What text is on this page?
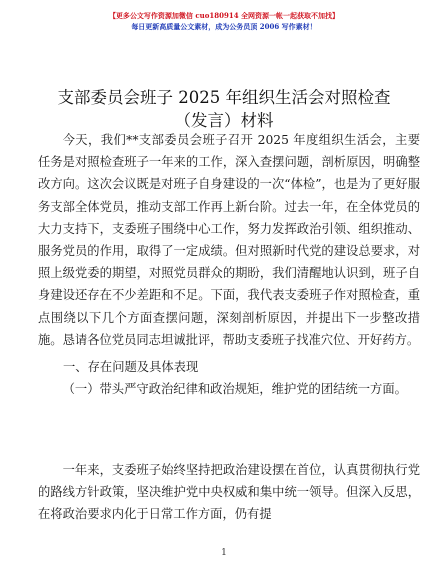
【更多公文写作资源加微信 cuo180914 全网资源一帐一起获取不加找】
每日更新高质量公文素材，成为公务员顶 2006 写作素材！
支部委员会班子 2025 年组织生活会对照检查
（发言）材料

今天，我们**支部委员会班子召开 2025 年度组织生活会，主要任务是对照检查班子一年来的工作，深入查摆问题，剖析原因，明确整改方向。这次会议既是对班子自身建设的一次“体检”，也是为了更好服务支部全体党员，推动支部工作再上新台阶。过去一年，在全体党员的大力支持下，支委班子围绕中心工作，努力发挥政治引领、组织推动、服务党员的作用，取得了一定成绩。但对照新时代党的建设总要求，对照上级党委的期望，对照党员群众的期盼，我们清醒地认识到，班子自身建设还存在不少差距和不足。下面，我代表支委班子作对照检查，重点围绕以下几个方面查摆问题，深刻剖析原因，并提出下一步整改措施。恳请各位党员同志坦诚批评，帮助支委班子找准穴位、开好药方。

一、存在问题及具体表现

（一）带头严守政治纪律和政治规矩，维护党的团结统一方面。

一年来，支委班子始终坚持把政治建设摆在首位，认真贯彻执行党的路线方针政策，坚决维护党中央权威和集中统一领导。但深入反思，在将政治要求内化于日常工作方面，仍有提

1
